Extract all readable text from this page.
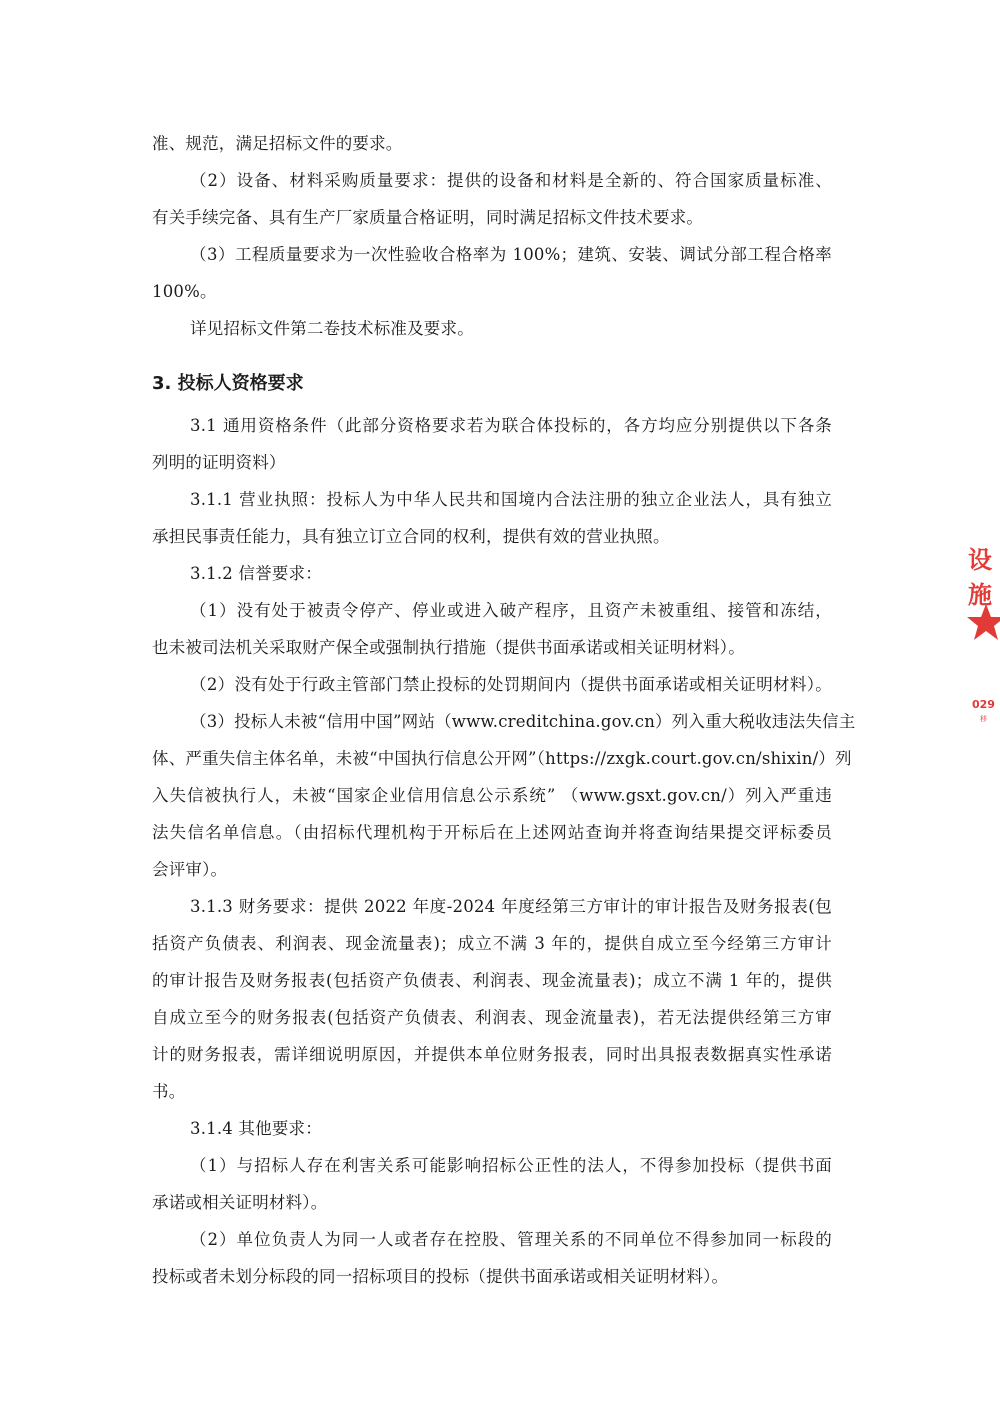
准、规范，满足招标文件的要求。
（2）设备、材料采购质量要求：提供的设备和材料是全新的、符合国家质量标准、
有关手续完备、具有生产厂家质量合格证明，同时满足招标文件技术要求。
（3）工程质量要求为一次性验收合格率为 100%；建筑、安装、调试分部工程合格率
100%。
详见招标文件第二卷技术标准及要求。
3. 投标人资格要求
3.1 通用资格条件（此部分资格要求若为联合体投标的，各方均应分别提供以下各条
列明的证明资料）
3.1.1 营业执照：投标人为中华人民共和国境内合法注册的独立企业法人，具有独立
承担民事责任能力，具有独立订立合同的权利，提供有效的营业执照。
3.1.2 信誉要求：
（1）没有处于被责令停产、停业或进入破产程序，且资产未被重组、接管和冻结，
也未被司法机关采取财产保全或强制执行措施（提供书面承诺或相关证明材料）。
（2）没有处于行政主管部门禁止投标的处罚期间内（提供书面承诺或相关证明材料）。
（3）投标人未被“信用中国”网站（www.creditchina.gov.cn）列入重大税收违法失信主
体、严重失信主体名单，未被“中国执行信息公开网”（https://zxgk.court.gov.cn/shixin/）列
入失信被执行人，未被“国家企业信用信息公示系统” （www.gsxt.gov.cn/）列入严重违
法失信名单信息。（由招标代理机构于开标后在上述网站查询并将查询结果提交评标委员
会评审）。
3.1.3 财务要求：提供 2022 年度-2024 年度经第三方审计的审计报告及财务报表(包
括资产负债表、利润表、现金流量表)；成立不满 3 年的，提供自成立至今经第三方审计
的审计报告及财务报表(包括资产负债表、利润表、现金流量表)；成立不满 1 年的，提供
自成立至今的财务报表(包括资产负债表、利润表、现金流量表)，若无法提供经第三方审
计的财务报表，需详细说明原因，并提供本单位财务报表，同时出具报表数据真实性承诺
书。
3.1.4 其他要求：
（1）与招标人存在利害关系可能影响招标公正性的法人，不得参加投标（提供书面
承诺或相关证明材料）。
（2）单位负责人为同一人或者存在控股、管理关系的不同单位不得参加同一标段的
投标或者未划分标段的同一招标项目的投标（提供书面承诺或相关证明材料）。
设施
029
移
